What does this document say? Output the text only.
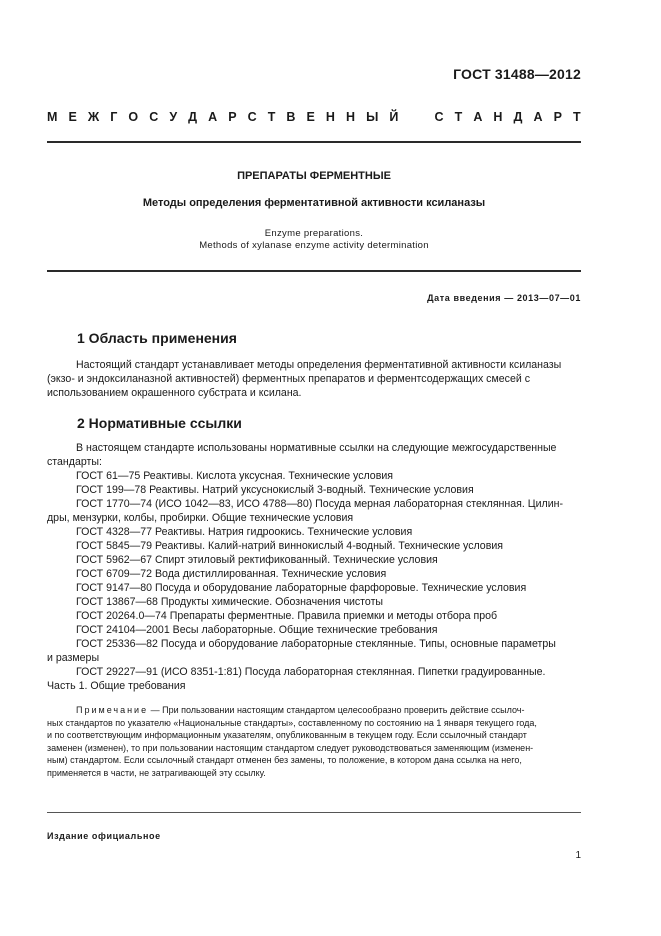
ГОСТ 31488—2012
М Е Ж Г О С У Д А Р С Т В Е Н Н Ы Й	С Т А Н Д А Р Т
ПРЕПАРАТЫ ФЕРМЕНТНЫЕ
Методы определения ферментативной активности ксиланазы
Enzyme preparations.
Methods of xylanase enzyme activity determination
Дата введения — 2013—07—01
1 Область применения
Настоящий стандарт устанавливает методы определения ферментативной активности ксиланазы
(экзо- и эндоксиланазной активностей) ферментных препаратов и ферментсодержащих смесей с
использованием окрашенного субстрата и ксилана.
2 Нормативные ссылки
В настоящем стандарте использованы нормативные ссылки на следующие межгосударственные
стандарты:
ГОСТ 61—75 Реактивы. Кислота уксусная. Технические условия
ГОСТ 199—78 Реактивы. Натрий уксуснокислый 3-водный. Технические условия
ГОСТ 1770—74 (ИСО 1042—83, ИСО 4788—80) Посуда мерная лабораторная стеклянная. Цилин-
дры, мензурки, колбы, пробирки. Общие технические условия
ГОСТ 4328—77 Реактивы. Натрия гидроокись. Технические условия
ГОСТ 5845—79 Реактивы. Калий-натрий виннокислый 4-водный. Технические условия
ГОСТ 5962—67 Спирт этиловый ректификованный. Технические условия
ГОСТ 6709—72 Вода дистиллированная. Технические условия
ГОСТ 9147—80 Посуда и оборудование лабораторные фарфоровые. Технические условия
ГОСТ 13867—68 Продукты химические. Обозначения чистоты
ГОСТ 20264.0—74 Препараты ферментные. Правила приемки и методы отбора проб
ГОСТ 24104—2001 Весы лабораторные. Общие технические требования
ГОСТ 25336—82 Посуда и оборудование лабораторные стеклянные. Типы, основные параметры
и размеры
ГОСТ 29227—91 (ИСО 8351-1:81) Посуда лабораторная стеклянная. Пипетки градуированные.
Часть 1. Общие требования
Примечание — При пользовании настоящим стандартом целесообразно проверить действие ссылоч-
ных стандартов по указателю «Национальные стандарты», составленному по состоянию на 1 января текущего года,
и по соответствующим информационным указателям, опубликованным в текущем году. Если ссылочный стандарт
заменен (изменен), то при пользовании настоящим стандартом следует руководствоваться заменяющим (изменен-
ным) стандартом. Если ссылочный стандарт отменен без замены, то положение, в котором дана ссылка на него,
применяется в части, не затрагивающей эту ссылку.
Издание официальное
1
